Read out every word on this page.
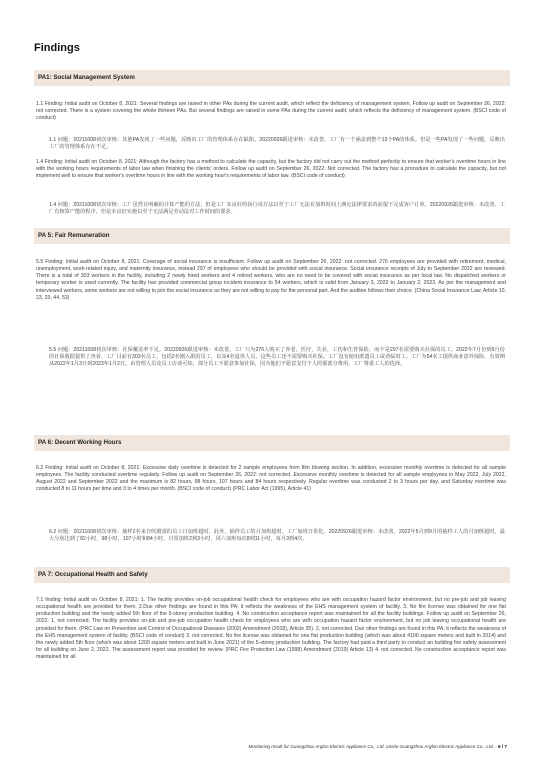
Findings
PA1: Social Management System
1.1 Finding: Initial audit on October 8, 2021: Several findings are raised in other PAs during the current audit, which reflect the deficiency of management system. Follow up audit on September 26, 2022: not corrected. There is a system covering the whole thirteen PAs. But several findings are raised in some PAs during the current audit, which reflects the deficiency of management system. (BSCI code of conduct)
1.1 问题：20211008初次审核：其他PA发现了一些问题，反映出工厂的管理体系存在缺陷。20220926跟进审核：未改善。工厂有一个涵盖到整个13个PA的体系。但是一些PA发现了一些问题，反映出工厂的管理体系存在不足。
1.4 Finding: Initial audit on October 8, 2021: Although the factory has a method to calculate the capacity, but the factory did not carry out the method perfectly to ensure that worker's overtime hours in line with the working hours requirements of labor law when finishing the clients' orders. Follow up audit on September 26, 2022: Not corrected. The factory has a procedure to calculate the capacity, but not implement well to ensure that worker's overtime hours in line with the working hour's requirements of labor law. (BSCI code of conduct)
1.4 问题：20211008初次审核：工厂虽然有明确的计算产能的方法，但是工厂未良好的执行该方法以至于工厂无法在加班时间上满足法律要求的前提下完成客户订单。20220926跟进审核：未改善。工厂有核算产能的程序，但是未良好实施以至于无法满足劳动法对工作时间的要求。
PA 5: Fair Remuneration
5.5 Finding: Initial audit on October 8, 2021: Coverage of social insurance is insufficient. Follow up audit on September 26, 2022: not corrected. 276 employees are provided with retirement, medical, unemployment, work-related injury, and maternity insurance, instead 297 of employees who should be provided with social insurance. Social insurance receipts of July to September 2022 are reviewed. There is a total of 303 workers in the facility, including 2 newly hired workers and 4 retired workers, who are no need to be covered with social insurance as per local law. No dispatched workers or temporary worker is used currently. The facility has provided commercial group incident insurance to 54 workers, which is valid from January 3, 2022 to January 2, 2023. As per the management and interviewed workers, some workers are not willing to join the social insurance as they are not willing to pay for the personal part. And the auditee follows their choice. (China Social Insurance Law, Article 10, 23, 33, 44, 53)
5.5 问题：20211008初次审核：社保覆盖率不足。20220926跟进审核：未改善。工厂只为276人购买了养老，医疗，失业，工伤和生育保险，而不是297名需要购买社保的员工。2022年7月份到9月份的社保收据提供了查看。工厂目前有303名员工，包括2名刚入职的员工，以及4名退休人员，这些员工还不需要购买社保。工厂没有使用派遣员工或者临时工。工厂为54名工提供商业意外保险，有效期从2022年1月3日到2023年1月2日。由管理人员及员工访谈可知，部分员工不愿意参加社保，因为他们不愿意支付个人的那部分费用，工厂尊重工人的选择。
PA 6: Decent Working Hours
6.2 Finding: Initial audit on October 8, 2021: Excessive daily overtime is detected for 2 sample employees from film blowing section. In addition, excessive monthly overtime is detected for all sample employees. The facility conducted overtime regularly. Follow up audit on September 26, 2022: not corrected. Excessive monthly overtime is detected for all sample employees in May 2022, July 2022, August 2022 and September 2022 and the maximum is 82 hours, 98 hours, 107 hours and 84 hours respectively. Regular overtime was conducted 2 to 3 hours per day, and Saturday overtime was conducted 8 to 11 hours per time and 3 to 4 times per month. (BSCI code of conduct) (PRC Labor Act (1995), Article 41)
6.2 问题：20211008初次审核：抽样2名来自吹膜部的员工日加班超时。此外，抽样员工的月加班超时。工厂加班日常化。20220926跟进审核：未改善。2022年5月到9月的抽样工人的月加班超时，最大分别达到了82小时，98小时，107小时和84小时。日常加班2到3小时，周六加班每次8到11小时，每月3到4次。
PA 7: Occupational Health and Safety
7.1 finding: Initial audit on October 8, 2021: 1. The facility provides on-job occupational health check for employees who are with occupation hazard factor environment, but no pre-job and job leaving occupational health are provided for them. 2.Due other findings are found in this PA; it reflects the weakness of the EHS management system of facility. 3. No fire license was obtained for one flat production building and the newly added 5th floor of the 5-storey production building. 4. No construction acceptance report was maintained for all the facility buildings. Follow up audit on September 26, 2022: 1, not corrected. The facility provides on-job and pre-job occupation health check for employees who are with occupation hazard factor environment, but no job leaving occupational health are provided for them. (PRC Law on Prevention and Control of Occupational Diseases (2002) Amendment (2018), Article 35). 2, not corrected. Due other findings are found in this PA; it reflects the weakness of the EHS management system of facility. (BSCI code of conduct) 3. not corrected. No fire license was obtained for one flat production building (which was about 4100 square meters and built in 2014) and the newly added 5th floor (which was about 1200 square meters and built in June 2021) of the 5-storey production building. The factory had paid a third party to conduct an building fire safety assessment for all building on June 2, 2022. The assessment report was provided for review. (PRC Fire Protection Law (1998) Amendment (2019) Article 13) 4. not corrected. No construction acceptance report was maintained for all
Monitoring result for Guangzhou Arglon Electric Appliance Co., Ltd. onsite Guangzhou Arglon Electric Appliance Co., Ltd. - 6 / 7
